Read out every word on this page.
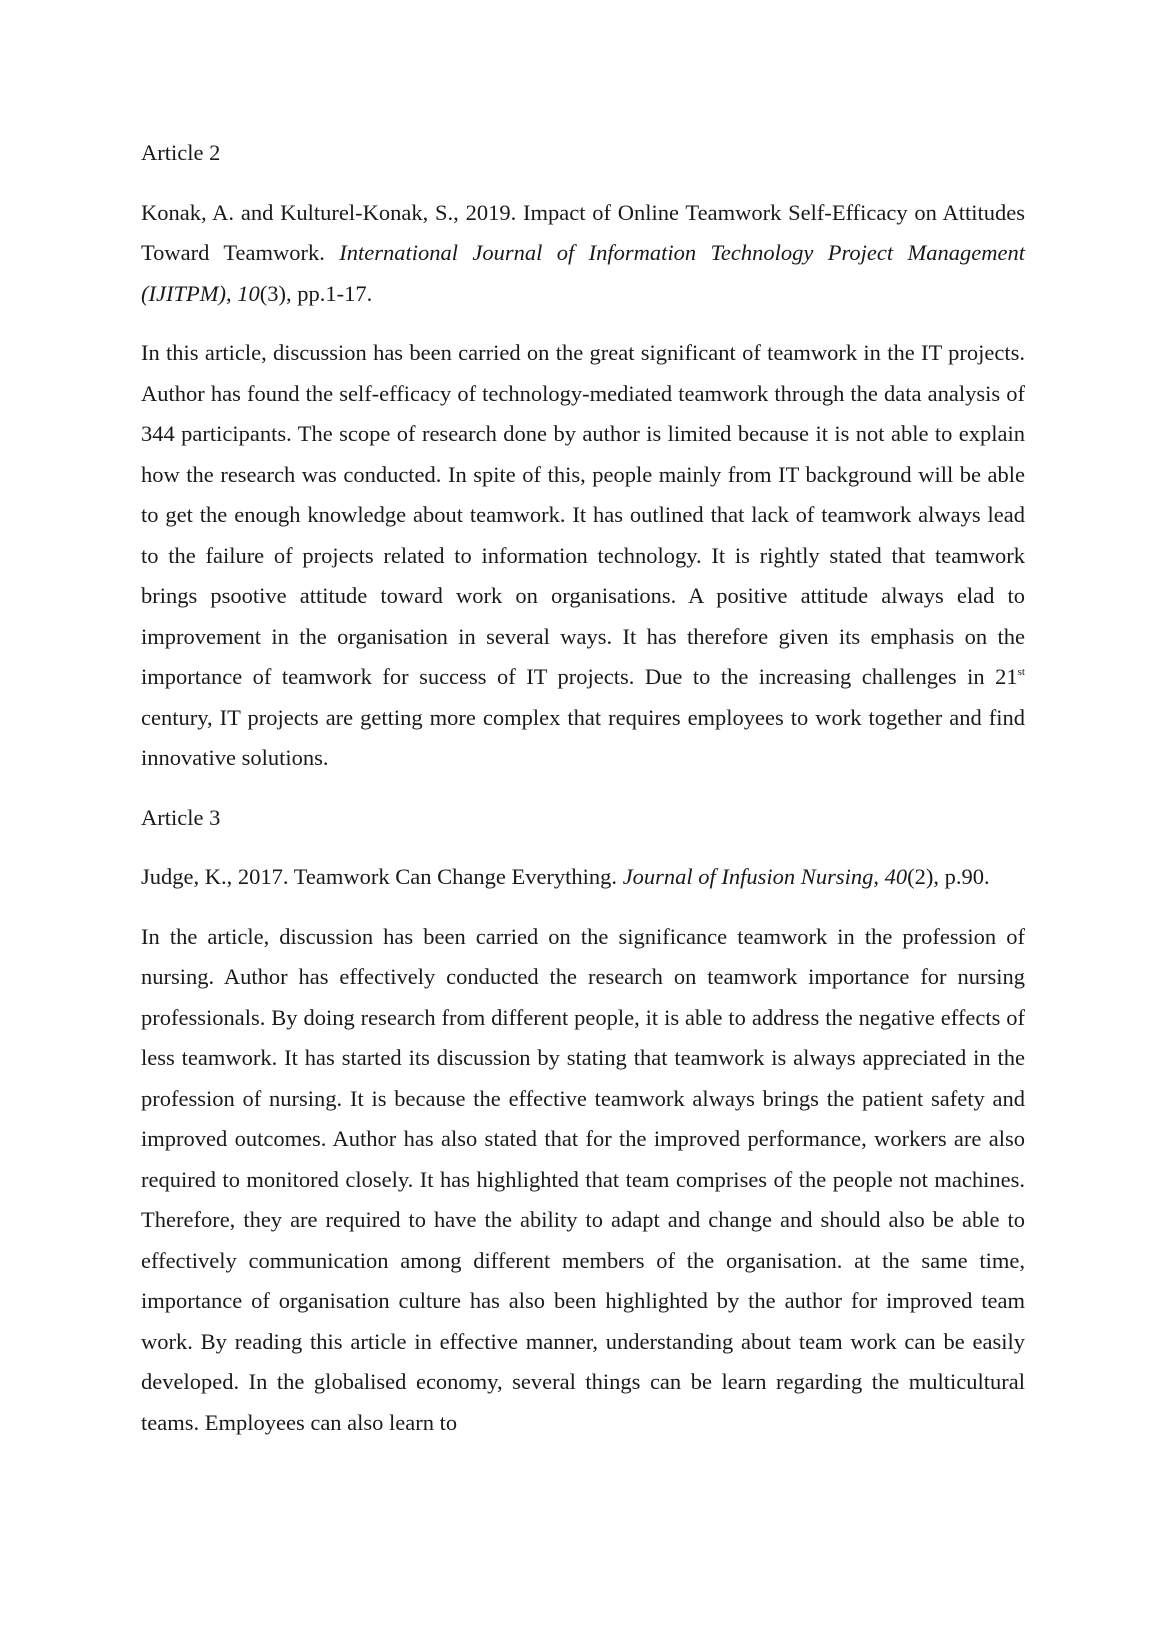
Article 2

Konak, A. and Kulturel-Konak, S., 2019. Impact of Online Teamwork Self-Efficacy on Attitudes Toward Teamwork. International Journal of Information Technology Project Management (IJITPM), 10(3), pp.1-17.

In this article, discussion has been carried on the great significant of teamwork in the IT projects. Author has found the self-efficacy of technology-mediated teamwork through the data analysis of 344 participants. The scope of research done by author is limited because it is not able to explain how the research was conducted. In spite of this, people mainly from IT background will be able to get the enough knowledge about teamwork. It has outlined that lack of teamwork always lead to the failure of projects related to information technology. It is rightly stated that teamwork brings psootive attitude toward work on organisations. A positive attitude always elad to improvement in the organisation in several ways. It has therefore given its emphasis on the importance of teamwork for success of IT projects. Due to the increasing challenges in 21st century, IT projects are getting more complex that requires employees to work together and find innovative solutions.

Article 3

Judge, K., 2017. Teamwork Can Change Everything. Journal of Infusion Nursing, 40(2), p.90.

In the article, discussion has been carried on the significance teamwork in the profession of nursing. Author has effectively conducted the research on teamwork importance for nursing professionals. By doing research from different people, it is able to address the negative effects of less teamwork. It has started its discussion by stating that teamwork is always appreciated in the profession of nursing. It is because the effective teamwork always brings the patient safety and improved outcomes. Author has also stated that for the improved performance, workers are also required to monitored closely. It has highlighted that team comprises of the people not machines. Therefore, they are required to have the ability to adapt and change and should also be able to effectively communication among different members of the organisation. at the same time, importance of organisation culture has also been highlighted by the author for improved team work. By reading this article in effective manner, understanding about team work can be easily developed. In the globalised economy, several things can be learn regarding the multicultural teams. Employees can also learn to
